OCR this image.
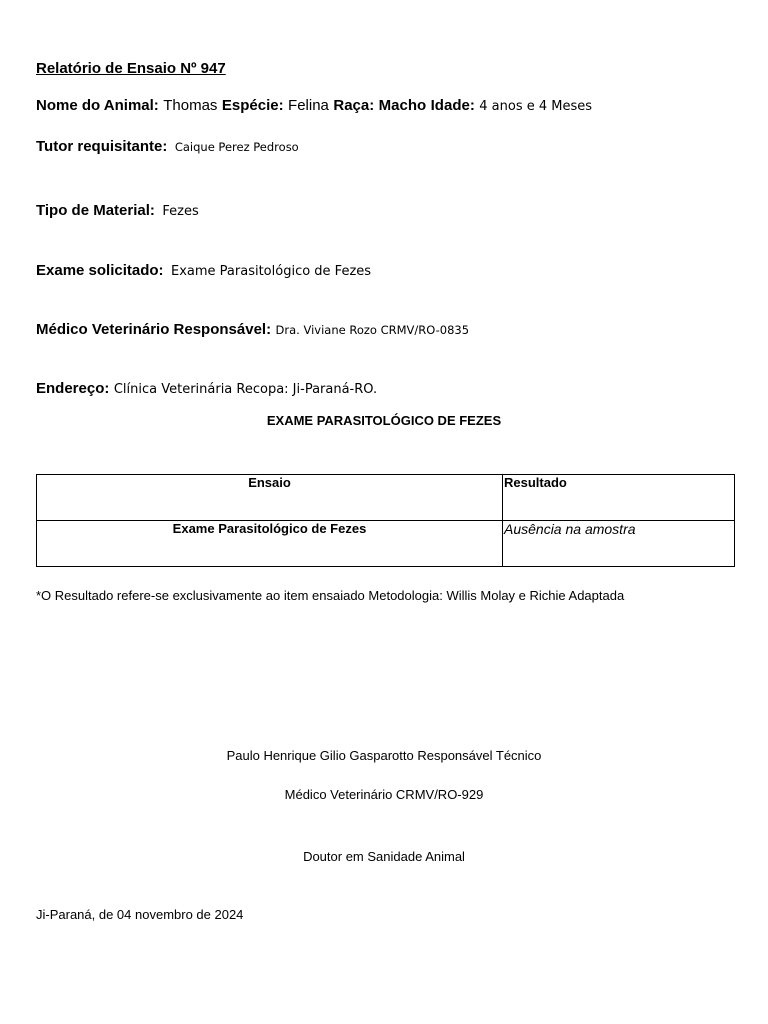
Relatório de Ensaio Nº 947
Nome do Animal: Thomas Espécie: Felina Raça: Macho Idade: 4 anos e 4 Meses
Tutor requisitante: Caique Perez Pedroso
Tipo de Material: Fezes
Exame solicitado: Exame Parasitológico de Fezes
Médico Veterinário Responsável: Dra. Viviane Rozo CRMV/RO-0835
Endereço: Clínica Veterinária Recopa: Ji-Paraná-RO.
EXAME PARASITOLÓGICO DE FEZES
Ensaio	Resultado
Exame Parasitológico de Fezes	Ausência na amostra
*O Resultado refere-se exclusivamente ao item ensaiado Metodologia: Willis Molay e Richie Adaptada
Paulo Henrique Gilio Gasparotto Responsável Técnico
Médico Veterinário CRMV/RO-929
Doutor em Sanidade Animal
Ji-Paraná, de 04 novembro de 2024
